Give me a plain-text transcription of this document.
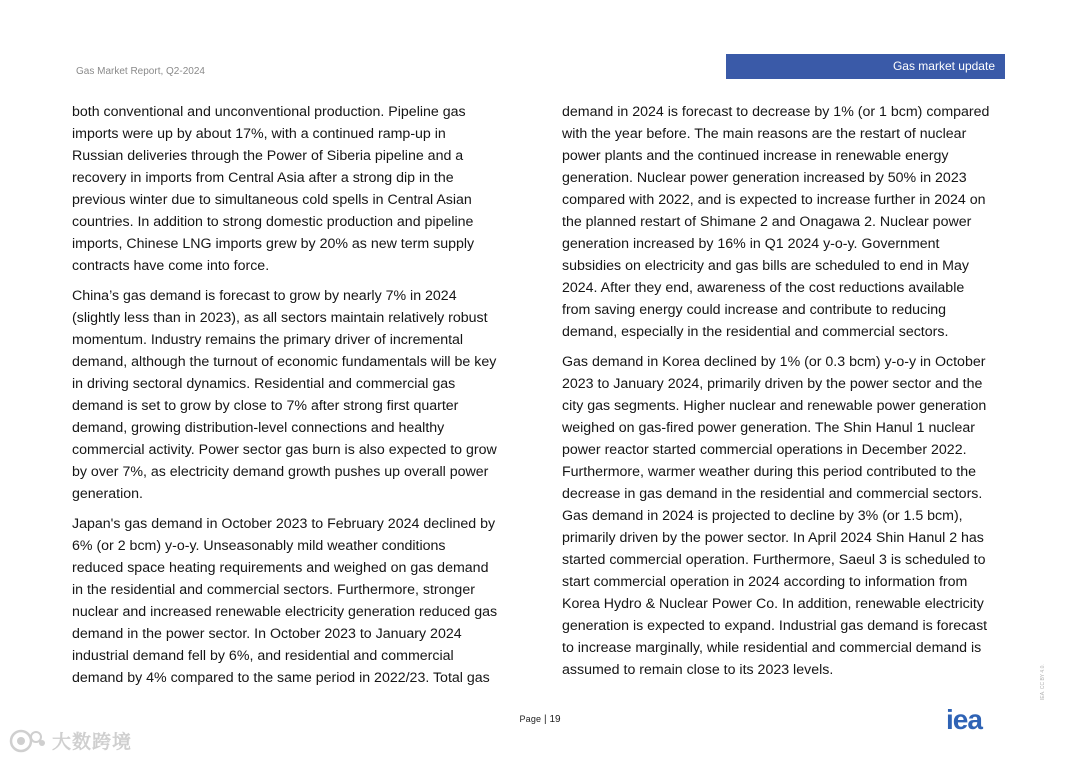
Gas Market Report, Q2-2024	Gas market update

both conventional and unconventional production. Pipeline gas
imports were up by about 17%, with a continued ramp-up in
Russian deliveries through the Power of Siberia pipeline and a
recovery in imports from Central Asia after a strong dip in the
previous winter due to simultaneous cold spells in Central Asian
countries. In addition to strong domestic production and pipeline
imports, Chinese LNG imports grew by 20% as new term supply
contracts have come into force.

China’s gas demand is forecast to grow by nearly 7% in 2024
(slightly less than in 2023), as all sectors maintain relatively robust
momentum. Industry remains the primary driver of incremental
demand, although the turnout of economic fundamentals will be key
in driving sectoral dynamics. Residential and commercial gas
demand is set to grow by close to 7% after strong first quarter
demand, growing distribution-level connections and healthy
commercial activity. Power sector gas burn is also expected to grow
by over 7%, as electricity demand growth pushes up overall power
generation.

Japan's gas demand in October 2023 to February 2024 declined by
6% (or 2 bcm) y-o-y. Unseasonably mild weather conditions
reduced space heating requirements and weighed on gas demand
in the residential and commercial sectors. Furthermore, stronger
nuclear and increased renewable electricity generation reduced gas
demand in the power sector. In October 2023 to January 2024
industrial demand fell by 6%, and residential and commercial
demand by 4% compared to the same period in 2022/23. Total gas

demand in 2024 is forecast to decrease by 1% (or 1 bcm) compared
with the year before. The main reasons are the restart of nuclear
power plants and the continued increase in renewable energy
generation. Nuclear power generation increased by 50% in 2023
compared with 2022, and is expected to increase further in 2024 on
the planned restart of Shimane 2 and Onagawa 2. Nuclear power
generation increased by 16% in Q1 2024 y-o-y. Government
subsidies on electricity and gas bills are scheduled to end in May
2024. After they end, awareness of the cost reductions available
from saving energy could increase and contribute to reducing
demand, especially in the residential and commercial sectors.

Gas demand in Korea declined by 1% (or 0.3 bcm) y-o-y in October
2023 to January 2024, primarily driven by the power sector and the
city gas segments. Higher nuclear and renewable power generation
weighed on gas-fired power generation. The Shin Hanul 1 nuclear
power reactor started commercial operations in December 2022.
Furthermore, warmer weather during this period contributed to the
decrease in gas demand in the residential and commercial sectors.
Gas demand in 2024 is projected to decline by 3% (or 1.5 bcm),
primarily driven by the power sector. In April 2024 Shin Hanul 2 has
started commercial operation. Furthermore, Saeul 3 is scheduled to
start commercial operation in 2024 according to information from
Korea Hydro & Nuclear Power Co. In addition, renewable electricity
generation is expected to expand. Industrial gas demand is forecast
to increase marginally, while residential and commercial demand is
assumed to remain close to its 2023 levels.

Page | 19	iea
IEA. CC BY 4.0.
大数跨境
